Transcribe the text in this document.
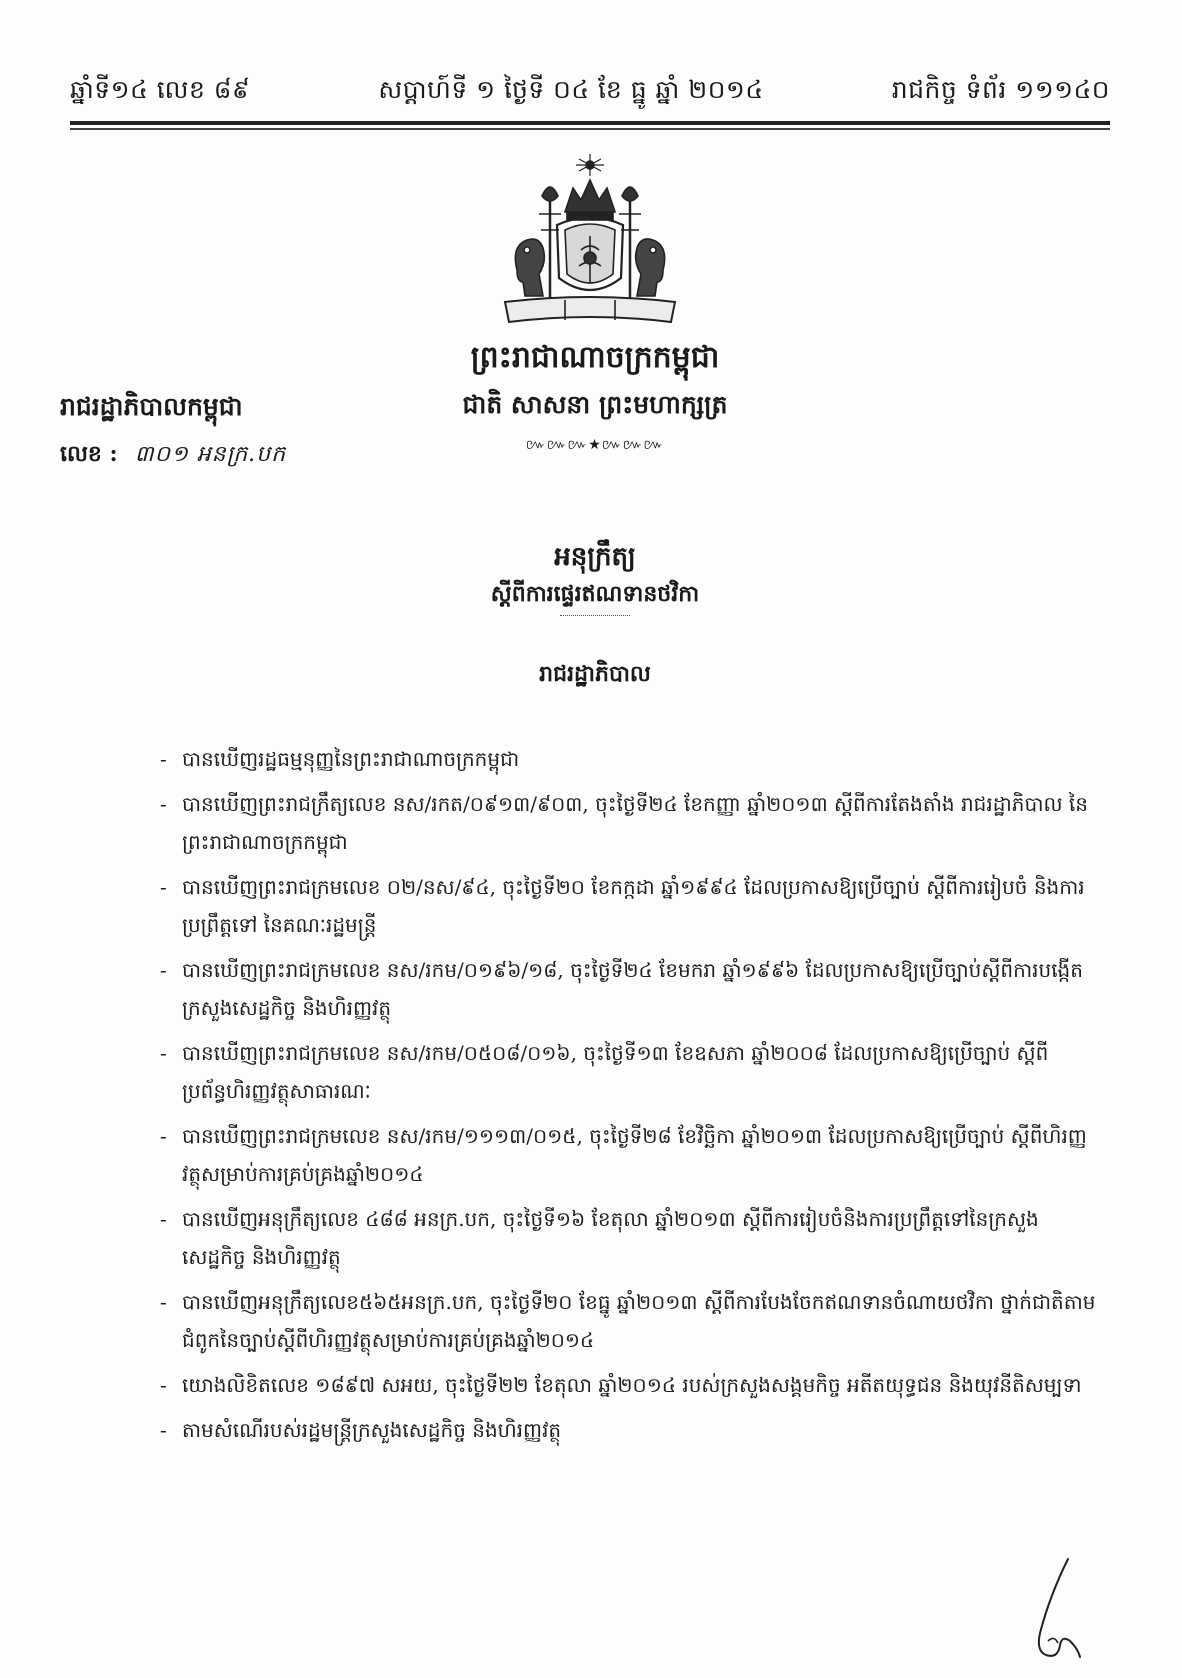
ឆ្នាំទី១៤ លេខ ៨៩	សប្ដាហ៍ទី ១ ថ្ងៃទី ០៤ ខែ ធ្នូ ឆ្នាំ ២០១៤	រាជកិច្ច ទំព័រ ១១១៤០
ព្រះរាជាណាចក្រកម្ពុជា
ជាតិ សាសនា ព្រះមហាក្សត្រ
៚៚៚★៚៚៚
រាជរដ្ឋាភិបាលកម្ពុជា
លេខ : ៣០១ អនក្រ.បក
អនុក្រឹត្យ
ស្ដីពីការផ្ទេរឥណទានថវិកា
រាជរដ្ឋាភិបាល
- បានឃើញរដ្ឋធម្មនុញ្ញនៃព្រះរាជាណាចក្រកម្ពុជា
- បានឃើញព្រះរាជក្រឹត្យលេខ នស/រកត/០៩១៣/៩០៣, ចុះថ្ងៃទី២៤ ខែកញ្ញា ឆ្នាំ២០១៣ ស្ដីពីការតែងតាំង រាជរដ្ឋាភិបាល នៃព្រះរាជាណាចក្រកម្ពុជា
- បានឃើញព្រះរាជក្រមលេខ ០២/នស/៩៤, ចុះថ្ងៃទី២០ ខែកក្កដា ឆ្នាំ១៩៩៤ ដែលប្រកាសឱ្យប្រើច្បាប់ ស្ដីពីការរៀបចំ និងការប្រព្រឹត្តទៅ នៃគណៈរដ្ឋមន្ត្រី
- បានឃើញព្រះរាជក្រមលេខ នស/រកម/០១៩៦/១៨, ចុះថ្ងៃទី២៤ ខែមករា ឆ្នាំ១៩៩៦ ដែលប្រកាសឱ្យប្រើច្បាប់ស្ដីពីការបង្កើតក្រសួងសេដ្ឋកិច្ច និងហិរញ្ញវត្ថុ
- បានឃើញព្រះរាជក្រមលេខ នស/រកម/០៥០៨/០១៦, ចុះថ្ងៃទី១៣ ខែឧសភា ឆ្នាំ២០០៨ ដែលប្រកាសឱ្យប្រើច្បាប់ ស្ដីពីប្រព័ន្ធហិរញ្ញវត្ថុសាធារណៈ
- បានឃើញព្រះរាជក្រមលេខ នស/រកម/១១១៣/០១៥, ចុះថ្ងៃទី២៨ ខែវិច្ឆិកា ឆ្នាំ២០១៣ ដែលប្រកាសឱ្យប្រើច្បាប់ ស្ដីពីហិរញ្ញវត្ថុសម្រាប់ការគ្រប់គ្រងឆ្នាំ២០១៤
- បានឃើញអនុក្រឹត្យលេខ ៤៨៨ អនក្រ.បក, ចុះថ្ងៃទី១៦ ខែតុលា ឆ្នាំ២០១៣ ស្ដីពីការរៀបចំនិងការប្រព្រឹត្តទៅនៃក្រសួងសេដ្ឋកិច្ច និងហិរញ្ញវត្ថុ
- បានឃើញអនុក្រឹត្យលេខ៥៦៥អនក្រ.បក, ចុះថ្ងៃទី២០ ខែធ្នូ ឆ្នាំ២០១៣ ស្ដីពីការបែងចែកឥណទានចំណាយថវិកា ថ្នាក់ជាតិតាមជំពូកនៃច្បាប់ស្ដីពីហិរញ្ញវត្ថុសម្រាប់ការគ្រប់គ្រងឆ្នាំ២០១៤
- យោងលិខិតលេខ ១៨៩៧ សអយ, ចុះថ្ងៃទី២២ ខែតុលា ឆ្នាំ២០១៤ របស់ក្រសួងសង្គមកិច្ច អតីតយុទ្ធជន និងយុវនីតិសម្បទា
- តាមសំណើរបស់រដ្ឋមន្ត្រីក្រសួងសេដ្ឋកិច្ច និងហិរញ្ញវត្ថុ
